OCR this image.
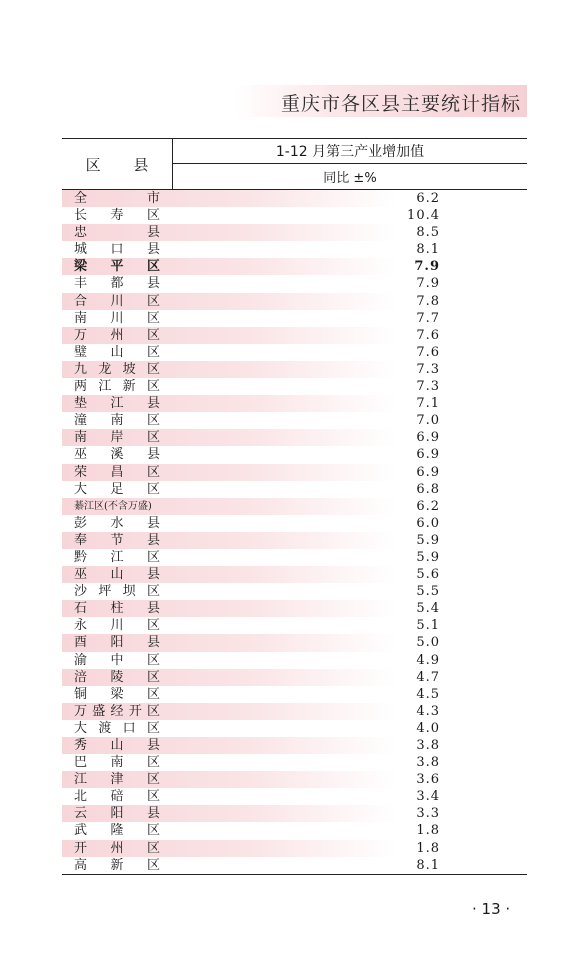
重庆市各区县主要统计指标
区 县
1-12 月第三产业增加值
同比 ±%
全	市	6.2
长 寿 区	10.4
忠	县	8.5
城 口 县	8.1
梁 平 区	7.9
丰 都 县	7.9
合 川 区	7.8
南 川 区	7.7
万 州 区	7.6
璧 山 区	7.6
九 龙 坡 区	7.3
两 江 新 区	7.3
垫 江 县	7.1
潼 南 区	7.0
南 岸 区	6.9
巫 溪 县	6.9
荣 昌 区	6.9
大 足 区	6.8
綦江区(不含万盛)	6.2
彭 水 县	6.0
奉 节 县	5.9
黔 江 区	5.9
巫 山 县	5.6
沙 坪 坝 区	5.5
石 柱 县	5.4
永 川 区	5.1
酉 阳 县	5.0
渝 中 区	4.9
涪 陵 区	4.7
铜 梁 区	4.5
万 盛 经 开 区	4.3
大 渡 口 区	4.0
秀 山 县	3.8
巴 南 区	3.8
江 津 区	3.6
北 碚 区	3.4
云 阳 县	3.3
武 隆 区	1.8
开 州 区	1.8
高 新 区	8.1
· 13 ·
